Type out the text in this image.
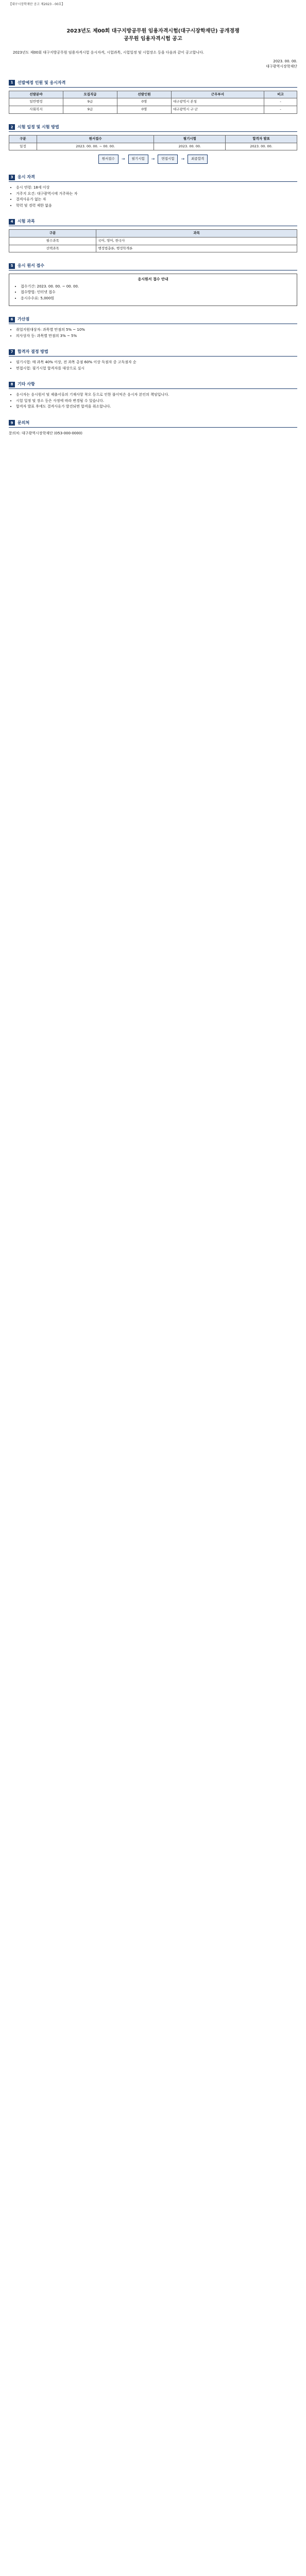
【대구시장학재단 공고 제2023 - 00호】
2023년도 제00회 대구지방공무원 임용자격시험(대구시장학재단) 공개경쟁
공무원 임용자격시험 공고

2023년도 제00회 대구지방공무원 임용자격시험 응시자격, 시험과목, 시험일정 및 시험장소 등을 다음과 같이 공고합니다.

2023. 00. 00.
대구광역시장학재단
1	선발예정 인원 및 응시자격
선발분야	모집직급	선발인원	근무부서	비고
일반행정	9급	0명	대구광역시 본청	-
사회복지	9급	0명	대구광역시 구·군	-
2	시험 일정 및 시험 방법
구분	원서접수	필기시험	합격자 발표
일정	2023. 00. 00. ~ 00. 00.	2023. 00. 00.	2023. 00. 00.
원서접수	→	필기시험	→	면접시험	→	최종합격
3	응시 자격
• 응시 연령: 18세 이상
• 거주지 요건: 대구광역시에 거주하는 자
• 결격사유가 없는 자
• 학력 및 경력 제한 없음
4	시험 과목
구분	과목
필수과목	국어, 영어, 한국사
선택과목	행정법총론, 행정학개론
5	응시 원서 접수
응시원서 접수 안내
• 접수기간: 2023. 00. 00. ~ 00. 00.
• 접수방법: 인터넷 접수
• 응시수수료: 5,000원
6	가산점
• 취업지원대상자: 과목별 만점의 5% ~ 10%
• 의사상자 등: 과목별 만점의 3% ~ 5%
7	합격자 결정 방법
• 필기시험: 매 과목 40% 이상, 전 과목 총점 60% 이상 득점자 중 고득점자 순
• 면접시험: 필기시험 합격자를 대상으로 실시
8	기타 사항
• 응시자는 응시원서 및 제출서류의 기재사항 착오 등으로 인한 불이익은 응시자 본인의 책임입니다.
• 시험 일정 및 장소 등은 사정에 따라 변경될 수 있습니다.
• 합격자 발표 후에도 결격사유가 발견되면 합격을 취소합니다.
9	문의처
문의처: 대구광역시장학재단 (053-000-0000)
